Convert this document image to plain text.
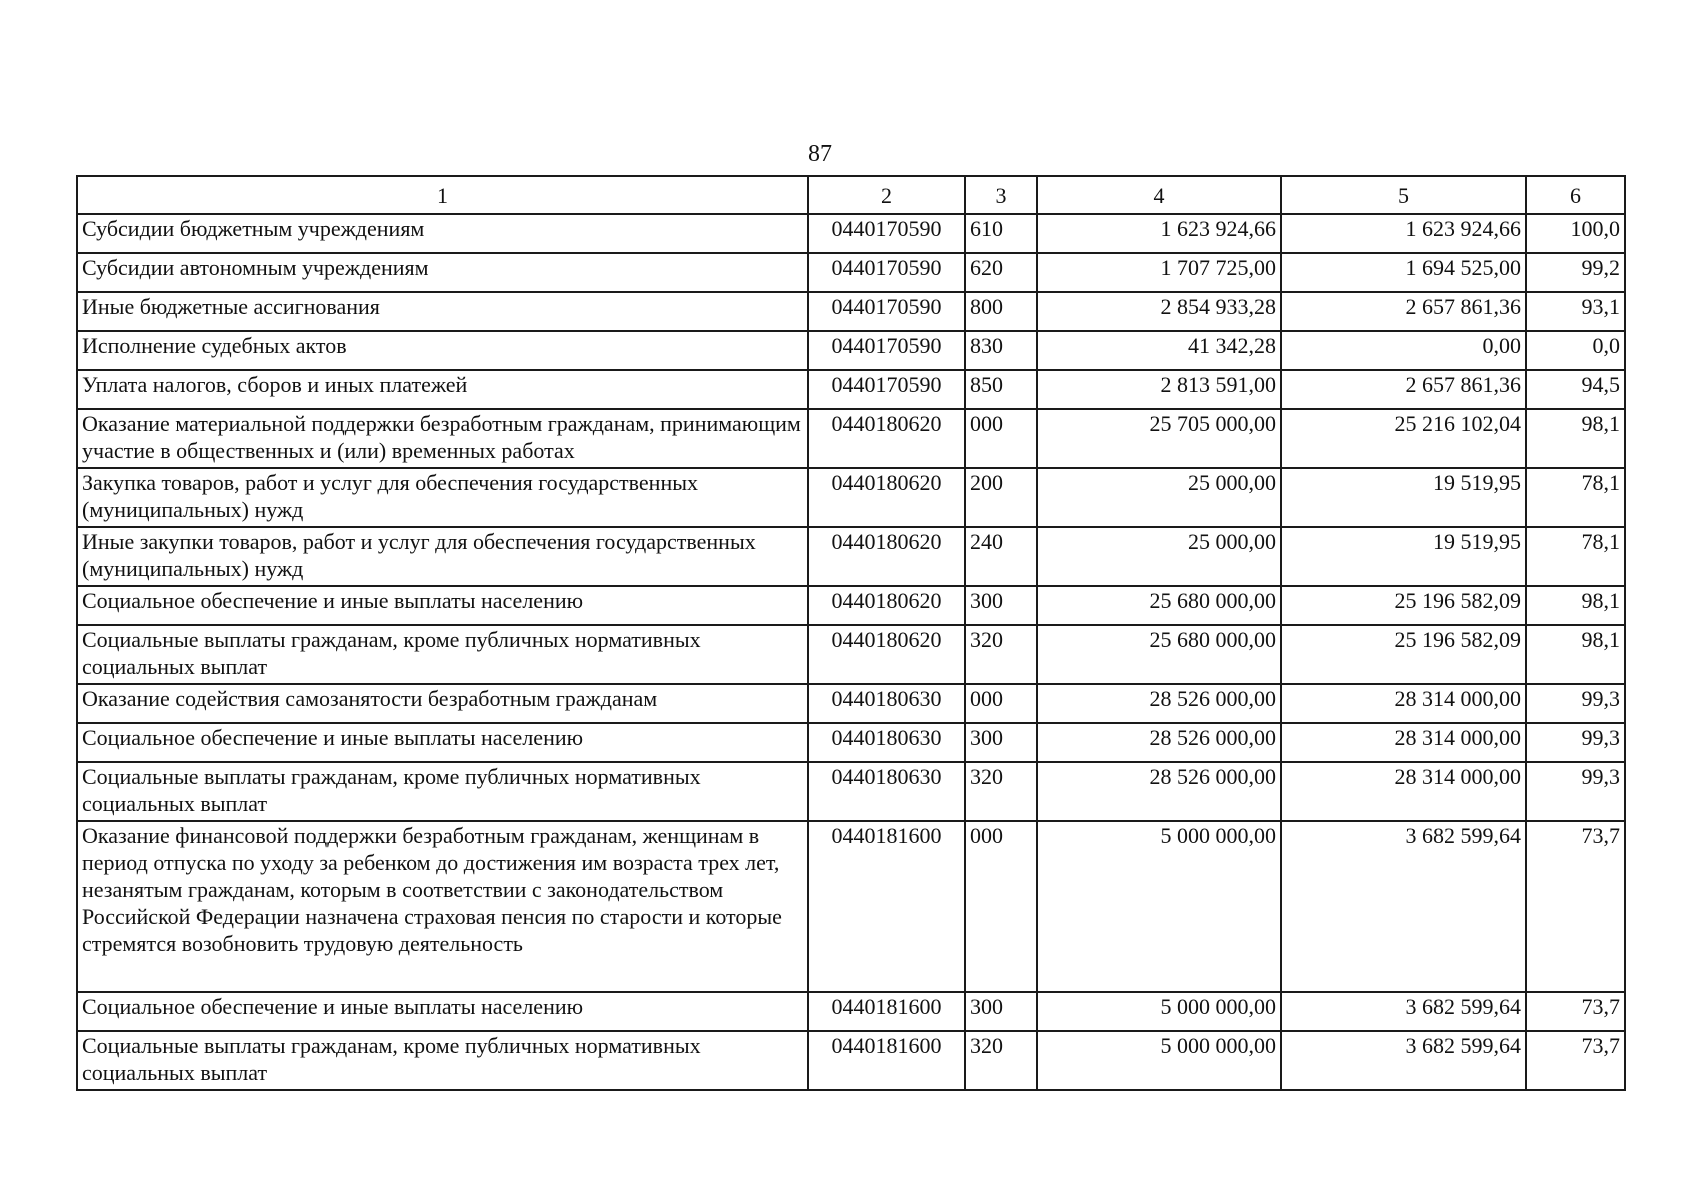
87
1	2	3	4	5	6
Субсидии бюджетным учреждениям	0440170590	610	1 623 924,66	1 623 924,66	100,0
Субсидии автономным учреждениям	0440170590	620	1 707 725,00	1 694 525,00	99,2
Иные бюджетные ассигнования	0440170590	800	2 854 933,28	2 657 861,36	93,1
Исполнение судебных актов	0440170590	830	41 342,28	0,00	0,0
Уплата налогов, сборов и иных платежей	0440170590	850	2 813 591,00	2 657 861,36	94,5
Оказание материальной поддержки безработным гражданам, принимающим участие в общественных и (или) временных работах	0440180620	000	25 705 000,00	25 216 102,04	98,1
Закупка товаров, работ и услуг для обеспечения государственных (муниципальных) нужд	0440180620	200	25 000,00	19 519,95	78,1
Иные закупки товаров, работ и услуг для обеспечения государственных (муниципальных) нужд	0440180620	240	25 000,00	19 519,95	78,1
Социальное обеспечение и иные выплаты населению	0440180620	300	25 680 000,00	25 196 582,09	98,1
Социальные выплаты гражданам, кроме публичных нормативных социальных выплат	0440180620	320	25 680 000,00	25 196 582,09	98,1
Оказание содействия самозанятости безработным гражданам	0440180630	000	28 526 000,00	28 314 000,00	99,3
Социальное обеспечение и иные выплаты населению	0440180630	300	28 526 000,00	28 314 000,00	99,3
Социальные выплаты гражданам, кроме публичных нормативных социальных выплат	0440180630	320	28 526 000,00	28 314 000,00	99,3
Оказание финансовой поддержки безработным гражданам, женщинам в период отпуска по уходу за ребенком до достижения им возраста трех лет, незанятым гражданам, которым в соответствии с законодательством Российской Федерации назначена страховая пенсия по старости и которые стремятся возобновить трудовую деятельность	0440181600	000	5 000 000,00	3 682 599,64	73,7
Социальное обеспечение и иные выплаты населению	0440181600	300	5 000 000,00	3 682 599,64	73,7
Социальные выплаты гражданам, кроме публичных нормативных социальных выплат	0440181600	320	5 000 000,00	3 682 599,64	73,7
